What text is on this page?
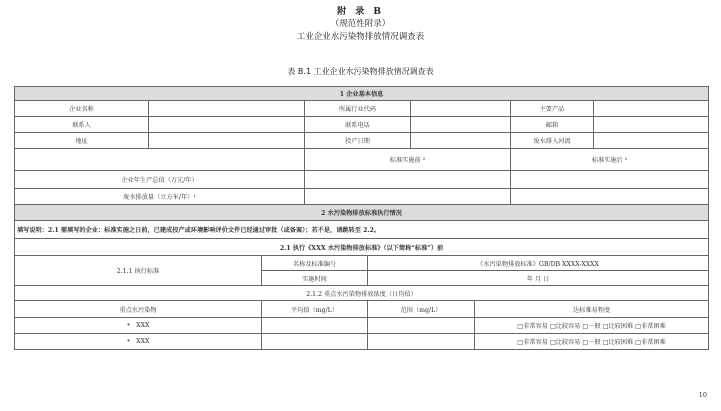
附 录 B
（规范性附录）
工业企业水污染物排放情况调查表
表 B.1 工业企业水污染物排放情况调查表
1 企业基本信息								
企业名称			所属行业代码				主要产品	
联系人			联系电话				邮箱	
地址			投产日期				废水排入河流	
			标准实施前 ²				标准实施后 ²	
企业年生产总值（万元/年）								
废水排放量（立方米/年）¹								
2 水污染物排放标准执行情况								
填写说明：2.1 需填写的企业：标准实施之日前，已建成投产或环境影响评价文件已经通过审批（或备案）；若不是，请跳转至 2.2。								
2.1 执行《XXX 水污染物排放标准》（以下简称“标准”）前								
2.1.1 执行标准		名称及标准编号		《水污染物排放标准》GB/DB XXXX-XXXX				
		实施时间		年 月 日				
2.1.2 重点水污染物排放浓度（日均值）								
重点水污染物		平均值（mg/L）		范围（mg/L）		达标难易程度		
•   XXX						□非常容易 □比较容易 □一般 □比较困难 □非常困难		
•   XXX						□非常容易 □比较容易 □一般 □比较困难 □非常困难		
10
